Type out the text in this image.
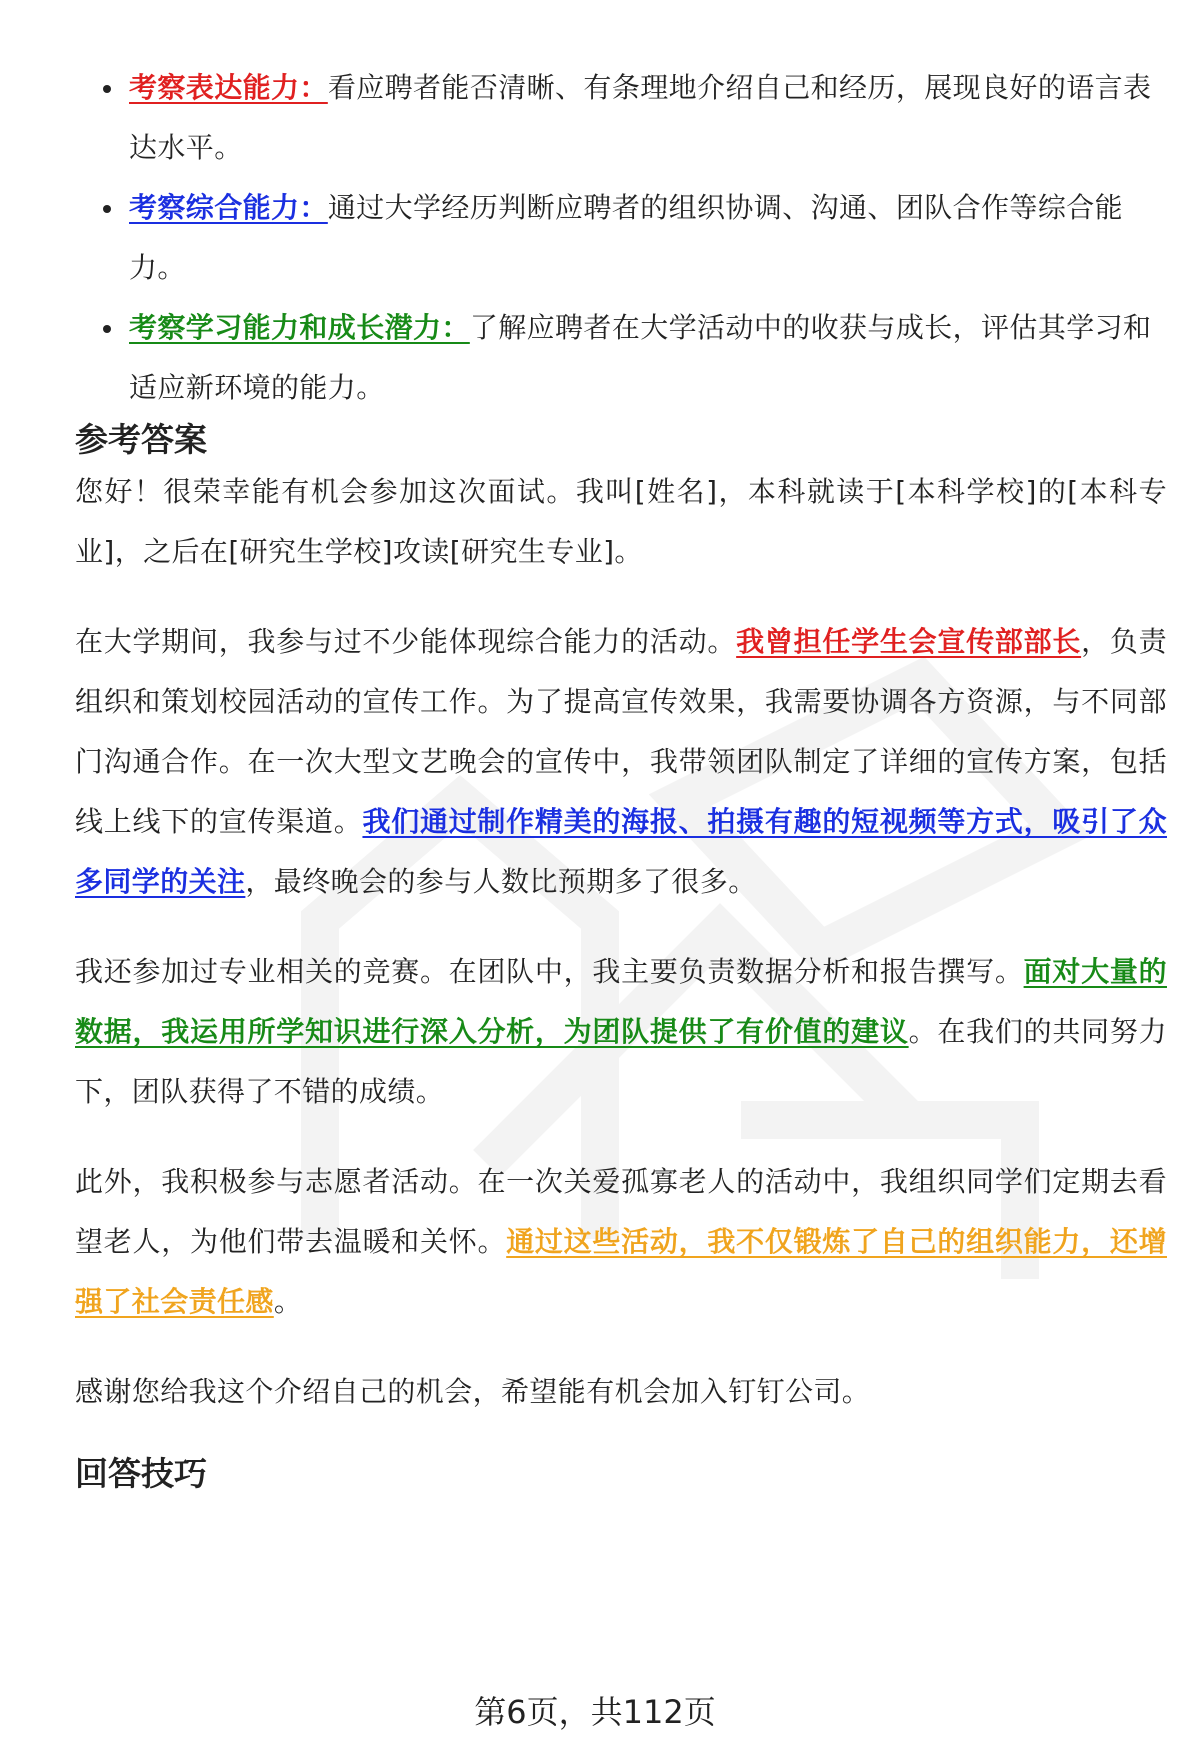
考察表达能力：看应聘者能否清晰、有条理地介绍自己和经历，展现良好的语言表达水平。
考察综合能力：通过大学经历判断应聘者的组织协调、沟通、团队合作等综合能力。
考察学习能力和成长潜力：了解应聘者在大学活动中的收获与成长，评估其学习和适应新环境的能力。
参考答案

您好！很荣幸能有机会参加这次面试。我叫[姓名]，本科就读于[本科学校]的[本科专业]，之后在[研究生学校]攻读[研究生专业]。

在大学期间，我参与过不少能体现综合能力的活动。我曾担任学生会宣传部部长，负责组织和策划校园活动的宣传工作。为了提高宣传效果，我需要协调各方资源，与不同部门沟通合作。在一次大型文艺晚会的宣传中，我带领团队制定了详细的宣传方案，包括线上线下的宣传渠道。我们通过制作精美的海报、拍摄有趣的短视频等方式，吸引了众多同学的关注，最终晚会的参与人数比预期多了很多。

我还参加过专业相关的竞赛。在团队中，我主要负责数据分析和报告撰写。面对大量的数据，我运用所学知识进行深入分析，为团队提供了有价值的建议。在我们的共同努力下，团队获得了不错的成绩。

此外，我积极参与志愿者活动。在一次关爱孤寡老人的活动中，我组织同学们定期去看望老人，为他们带去温暖和关怀。通过这些活动，我不仅锻炼了自己的组织能力，还增强了社会责任感。

感谢您给我这个介绍自己的机会，希望能有机会加入钉钉公司。

回答技巧
第6页，共112页
